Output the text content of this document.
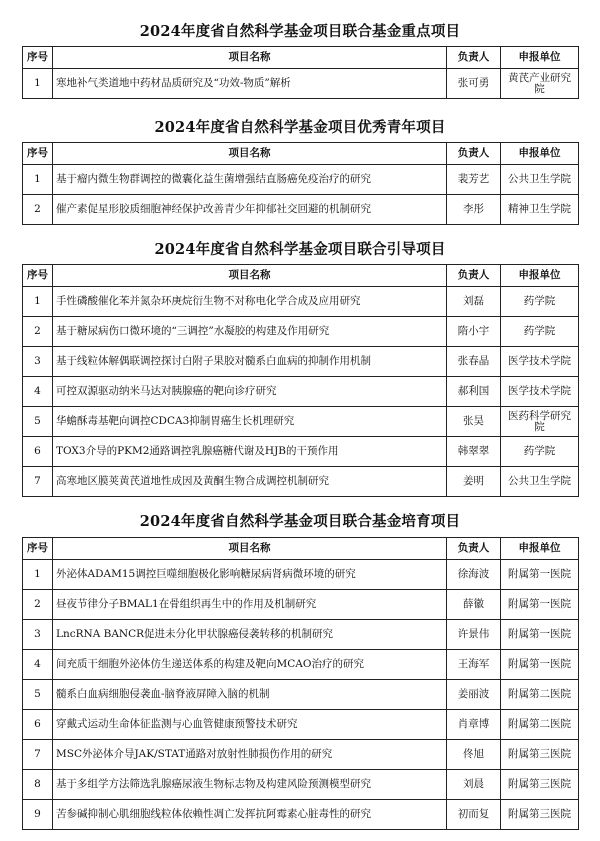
2024年度省自然科学基金项目联合基金重点项目
序号	项目名称	负责人	申报单位
1	寒地补气类道地中药材品质研究及“功效-物质”解析	张可勇	黄芪产业研究院
2024年度省自然科学基金项目优秀青年项目
序号	项目名称	负责人	申报单位
1	基于瘤内微生物群调控的微囊化益生菌增强结直肠癌免疫治疗的研究	裴芳艺	公共卫生学院
2	催产素促星形胶质细胞神经保护改善青少年抑郁社交回避的机制研究	李彤	精神卫生学院
2024年度省自然科学基金项目联合引导项目
序号	项目名称	负责人	申报单位
1	手性磷酸催化苯并氮杂环庚烷衍生物不对称电化学合成及应用研究	刘磊	药学院
2	基于糖尿病伤口微环境的“三调控”水凝胶的构建及作用研究	隋小宇	药学院
3	基于线粒体解偶联调控探讨白附子果胶对髓系白血病的抑制作用机制	张春晶	医学技术学院
4	可控双源驱动纳米马达对胰腺癌的靶向诊疗研究	郝利国	医学技术学院
5	华蟾酥毒基靶向调控CDCA3抑制胃癌生长机理研究	张昊	医药科学研究院
6	TOX3介导的PKM2通路调控乳腺癌糖代谢及HJB的干预作用	韩翠翠	药学院
7	高寒地区膜荚黄芪道地性成因及黄酮生物合成调控机制研究	姜明	公共卫生学院
2024年度省自然科学基金项目联合基金培育项目
序号	项目名称	负责人	申报单位
1	外泌体ADAM15调控巨噬细胞极化影响糖尿病肾病微环境的研究	徐海波	附属第一医院
2	昼夜节律分子BMAL1在骨组织再生中的作用及机制研究	薛徽	附属第一医院
3	LncRNA BANCR促进未分化甲状腺癌侵袭转移的机制研究	许景伟	附属第一医院
4	间充质干细胞外泌体仿生递送体系的构建及靶向MCAO治疗的研究	王海军	附属第一医院
5	髓系白血病细胞侵袭血-脑脊液屏障入脑的机制	姜丽波	附属第二医院
6	穿戴式运动生命体征监测与心血管健康预警技术研究	肖章博	附属第二医院
7	MSC外泌体介导JAK/STAT通路对放射性肺损伤作用的研究	佟旭	附属第三医院
8	基于多组学方法筛选乳腺癌尿液生物标志物及构建风险预测模型研究	刘晨	附属第三医院
9	苦参碱抑制心肌细胞线粒体依赖性凋亡发挥抗阿霉素心脏毒性的研究	初而复	附属第三医院
